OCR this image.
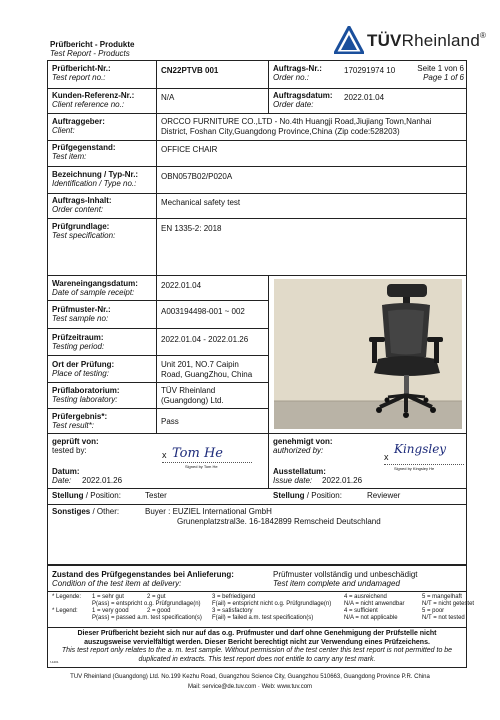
Prüfbericht - Produkte
Test Report - Products
TÜVRheinland®
Prüfbericht-Nr.:
Test report no.:
CN22PTVB 001	Auftrags-Nr.:
Order no.:
170291974 10	Seite 1 von 6
Page 1 of 6
Kunden-Referenz-Nr.:
Client reference no.:
N/A	Auftragsdatum:
Order date:
2022.01.04
Auftraggeber:
Client:
ORCCO FURNITURE CO.,LTD - No.4th Huangji Road,Jiujiang Town,Nanhai
District, Foshan City,Guangdong Province,China (Zip code:528203)
Prüfgegenstand:
Test item:
OFFICE CHAIR
Bezeichnung / Typ-Nr.:
Identification / Type no.:
OBN057B02/P020A
Auftrags-Inhalt:
Order content:
Mechanical safety test
Prüfgrundlage:
Test specification:
EN 1335-2: 2018
Wareneingangsdatum:
Date of sample receipt:
2022.01.04
Prüfmuster-Nr.:
Test sample no:
A003194498-001 ~ 002
Prüfzeitraum:
Testing period:
2022.01.04 - 2022.01.26
Ort der Prüfung:
Place of testing:
Unit 201, NO.7 Caipin
Road, GuangZhou, China
Prüflaboratorium:
Testing laboratory:
TÜV Rheinland
(Guangdong) Ltd.
Prüfergebnis*:
Test result*:	Pass
geprüft von:
tested by:	x Tom He
Signed by Tom He
Datum:
Date:	2022.01.26
genehmigt von:
authorized by:
x
Kingsley
Signed by Kingsley He
Ausstellatum:
Issue date:	2022.01.26
Stellung / Position:	Tester	Stellung / Position:	Reviewer
Sonstiges / Other:	Buyer : EUZIEL International GmbH
Grunenplatzstral3e. 16-1842899 Remscheid Deutschland
Zustand des Prüfgegenstandes bei Anlieferung:
Condition of the test item at delivery:
Prüfmuster vollständig und unbeschädigt
Test item complete and undamaged
* Legende:	1 = sehr gut	2 = gut	3 = befriedigend	4 = ausreichend	5 = mangelhaft
	P(ass) = entspricht o.g. Prüfgrundlage(n)		F(ail) = entspricht nicht o.g. Prüfgrundlage(n)	N/A = nicht anwendbar	N/T = nicht getestet
* Legend:	1 = very good	2 = good	3 = satisfactory	4 = sufficient	5 = poor
	P(ass) = passed a.m. test specification(s)		F(ail) = failed a.m. test specification(s)	N/A = not applicable	N/T = not tested
Dieser Prüfbericht bezieht sich nur auf das o.g. Prüfmuster und darf ohne Genehmigung der Prüfstelle nicht
auszugsweise vervielfältigt werden. Dieser Bericht berechtigt nicht zur Verwendung eines Prüfzeichens.
This test report only relates to the a. m. test sample. Without permission of the test center this test report is not permitted to be
duplicated in extracts. This test report does not entitle to carry any test mark.
f-1201
TUV Rheinland (Guangdong) Ltd. No.199 Kezhu Road, Guangzhou Science City, Guangzhou 510663, Guangdong Province P.R. China
Mail: service@de.tuv.com · Web: www.tuv.com
